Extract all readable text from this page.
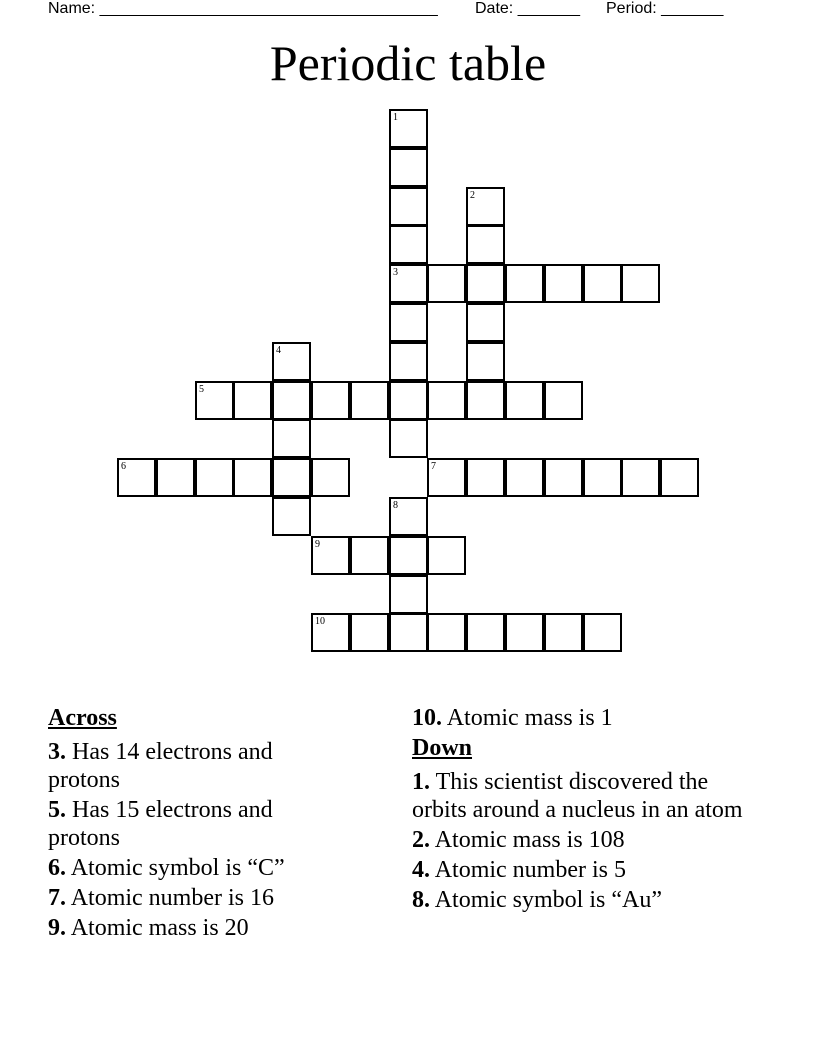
Name: ______________________________________ Date: _______ Period: _______
Periodic table
1
3
2
4
5
6	7
8
9
10
Across
3. Has 14 electrons and protons
5. Has 15 electrons and protons
6. Atomic symbol is “C”
7. Atomic number is 16
9. Atomic mass is 20
10. Atomic mass is 1
Down
1. This scientist discovered the orbits around a nucleus in an atom
2. Atomic mass is 108
4. Atomic number is 5
8. Atomic symbol is “Au”
